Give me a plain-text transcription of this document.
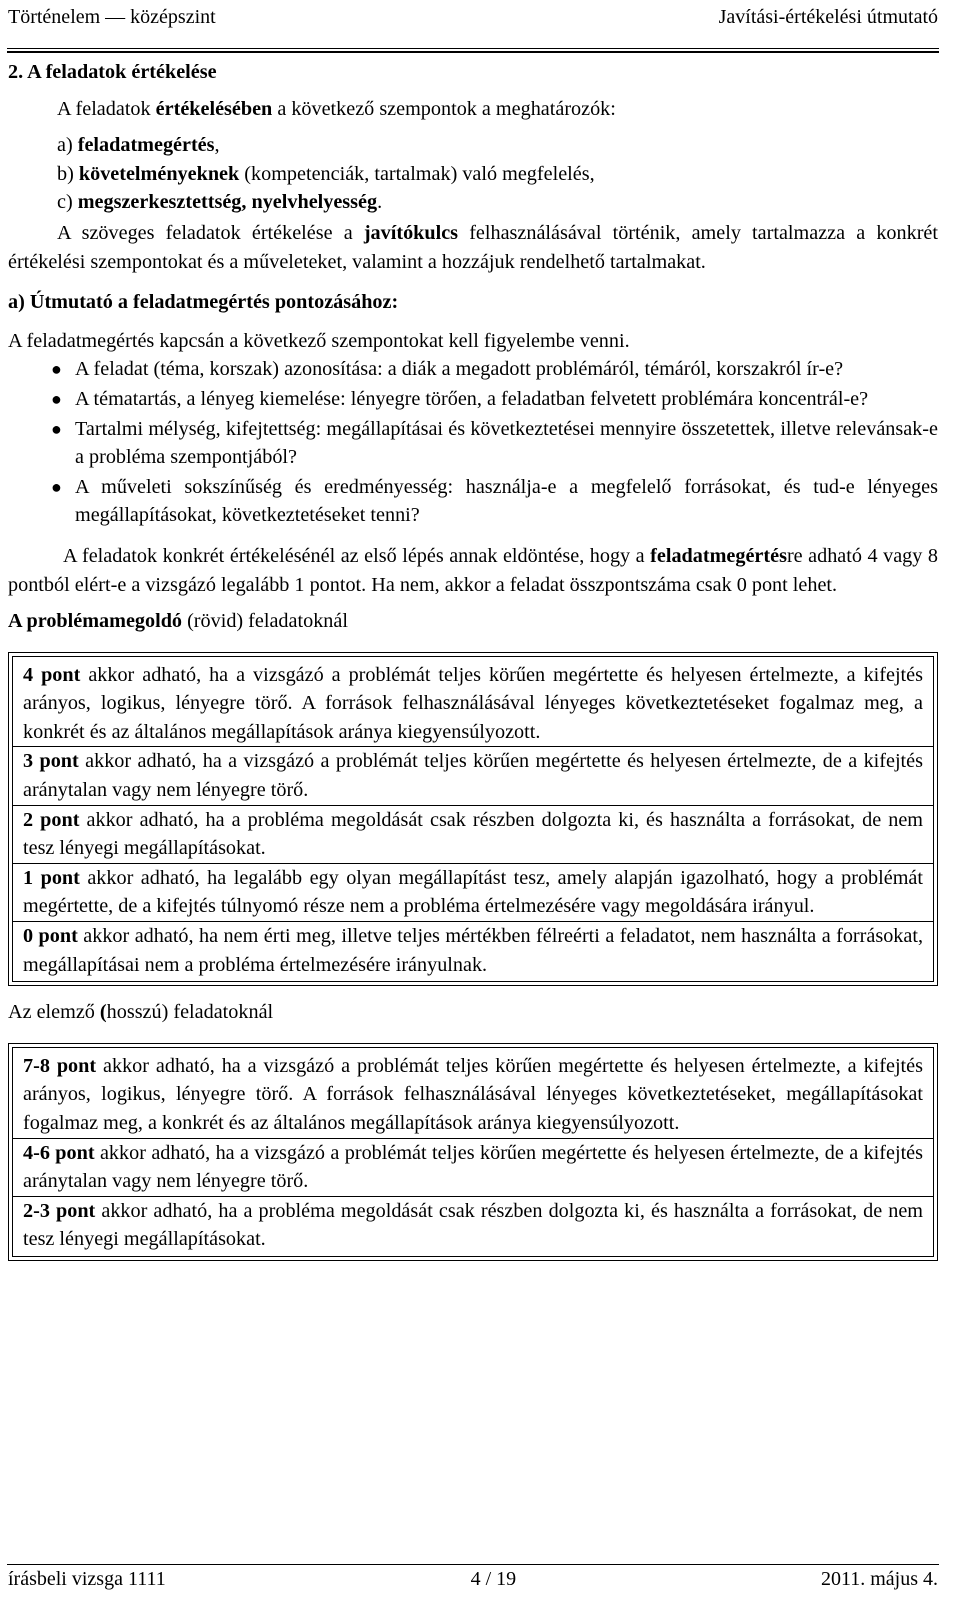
Történelem — középszint	Javítási-értékelési útmutató

2. A feladatok értékelése

A feladatok értékelésében a következő szempontok a meghatározók:

a) feladatmegértés,

b) követelményeknek (kompetenciák, tartalmak) való megfelelés,

c) megszerkesztettség, nyelvhelyesség.

A szöveges feladatok értékelése a javítókulcs felhasználásával történik, amely tartalmazza a konkrét értékelési szempontokat és a műveleteket, valamint a hozzájuk rendelhető tartalmakat.

a) Útmutató a feladatmegértés pontozásához:

A feladatmegértés kapcsán a következő szempontokat kell figyelembe venni.

● A feladat (téma, korszak) azonosítása: a diák a megadott problémáról, témáról, korszakról ír-e?
● A tématartás, a lényeg kiemelése: lényegre törően, a feladatban felvetett problémára koncentrál-e?
● Tartalmi mélység, kifejtettség: megállapításai és következtetései mennyire összetettek, illetve relevánsak-e a probléma szempontjából?
● A műveleti sokszínűség és eredményesség: használja-e a megfelelő forrásokat, és tud-e lényeges megállapításokat, következtetéseket tenni?

A feladatok konkrét értékelésénél az első lépés annak eldöntése, hogy a feladatmegértésre adható 4 vagy 8 pontból elért-e a vizsgázó legalább 1 pontot. Ha nem, akkor a feladat összpontszáma csak 0 pont lehet.

A problémamegoldó (rövid) feladatoknál

4 pont akkor adható, ha a vizsgázó a problémát teljes körűen megértette és helyesen értelmezte, a kifejtés arányos, logikus, lényegre törő. A források felhasználásával lényeges következtetéseket fogalmaz meg, a konkrét és az általános megállapítások aránya kiegyensúlyozott.

3 pont akkor adható, ha a vizsgázó a problémát teljes körűen megértette és helyesen értelmezte, de a kifejtés aránytalan vagy nem lényegre törő.

2 pont akkor adható, ha a probléma megoldását csak részben dolgozta ki, és használta a forrásokat, de nem tesz lényegi megállapításokat.

1 pont akkor adható, ha legalább egy olyan megállapítást tesz, amely alapján igazolható, hogy a problémát megértette, de a kifejtés túlnyomó része nem a probléma értelmezésére vagy megoldására irányul.

0 pont akkor adható, ha nem érti meg, illetve teljes mértékben félreérti a feladatot, nem használta a forrásokat, megállapításai nem a probléma értelmezésére irányulnak.

Az elemző (hosszú) feladatoknál

7-8 pont akkor adható, ha a vizsgázó a problémát teljes körűen megértette és helyesen értelmezte, a kifejtés arányos, logikus, lényegre törő. A források felhasználásával lényeges következtetéseket, megállapításokat fogalmaz meg, a konkrét és az általános megállapítások aránya kiegyensúlyozott.

4-6 pont akkor adható, ha a vizsgázó a problémát teljes körűen megértette és helyesen értelmezte, de a kifejtés aránytalan vagy nem lényegre törő.

2-3 pont akkor adható, ha a probléma megoldását csak részben dolgozta ki, és használta a forrásokat, de nem tesz lényegi megállapításokat.

írásbeli vizsga 1111	4 / 19	2011. május 4.
